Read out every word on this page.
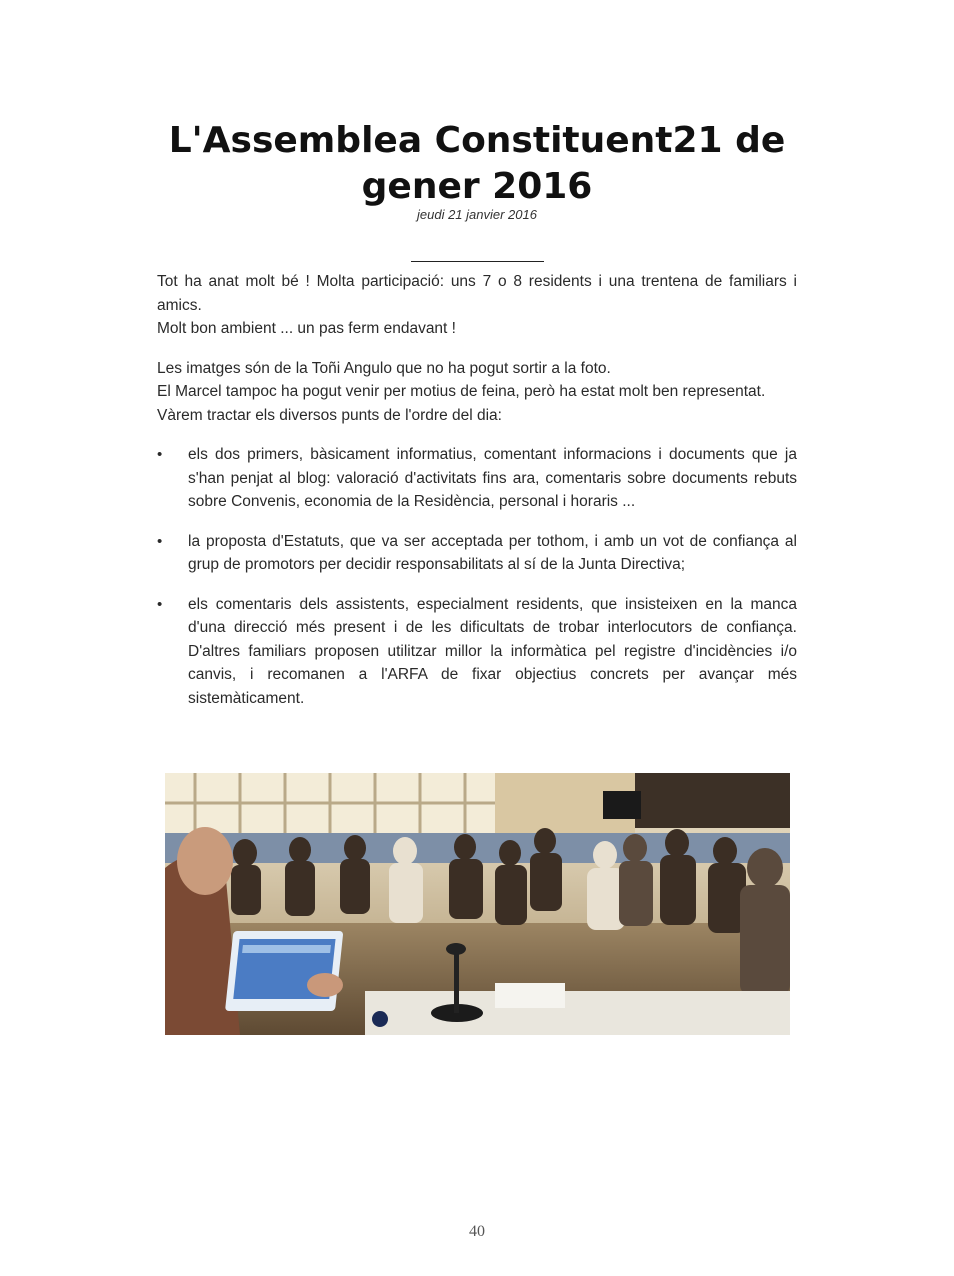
L'Assemblea Constituent21 de gener 2016
jeudi 21 janvier 2016

Tot ha anat molt bé ! Molta participació: uns 7 o 8 residents i una trentena de familiars i amics.

Molt bon ambient ... un pas ferm endavant !

Les imatges són de la Toñi Angulo que no ha pogut sortir a la foto.

El Marcel tampoc ha pogut venir per motius de feina, però ha estat molt ben representat.

Vàrem tractar els diversos punts de l'ordre del dia:

•	els dos primers, bàsicament informatius, comentant informacions i documents que ja s'han penjat al blog: valoració d'activitats fins ara, comentaris sobre documents rebuts sobre Convenis, economia de la Residència, personal i horaris ...
•	la proposta d'Estatuts, que va ser acceptada per tothom, i amb un vot de confiança al grup de promotors per decidir responsabilitats al sí de la Junta Directiva;
•	els comentaris dels assistents, especialment residents, que insisteixen en la manca d'una direcció més present i de les dificultats de trobar interlocutors de confiança. D'altres familiars proposen utilitzar millor la informàtica pel registre d'incidències i/o canvis, i recomanen a l'ARFA de fixar objectius concrets per avançar més sistemàticament.
40
